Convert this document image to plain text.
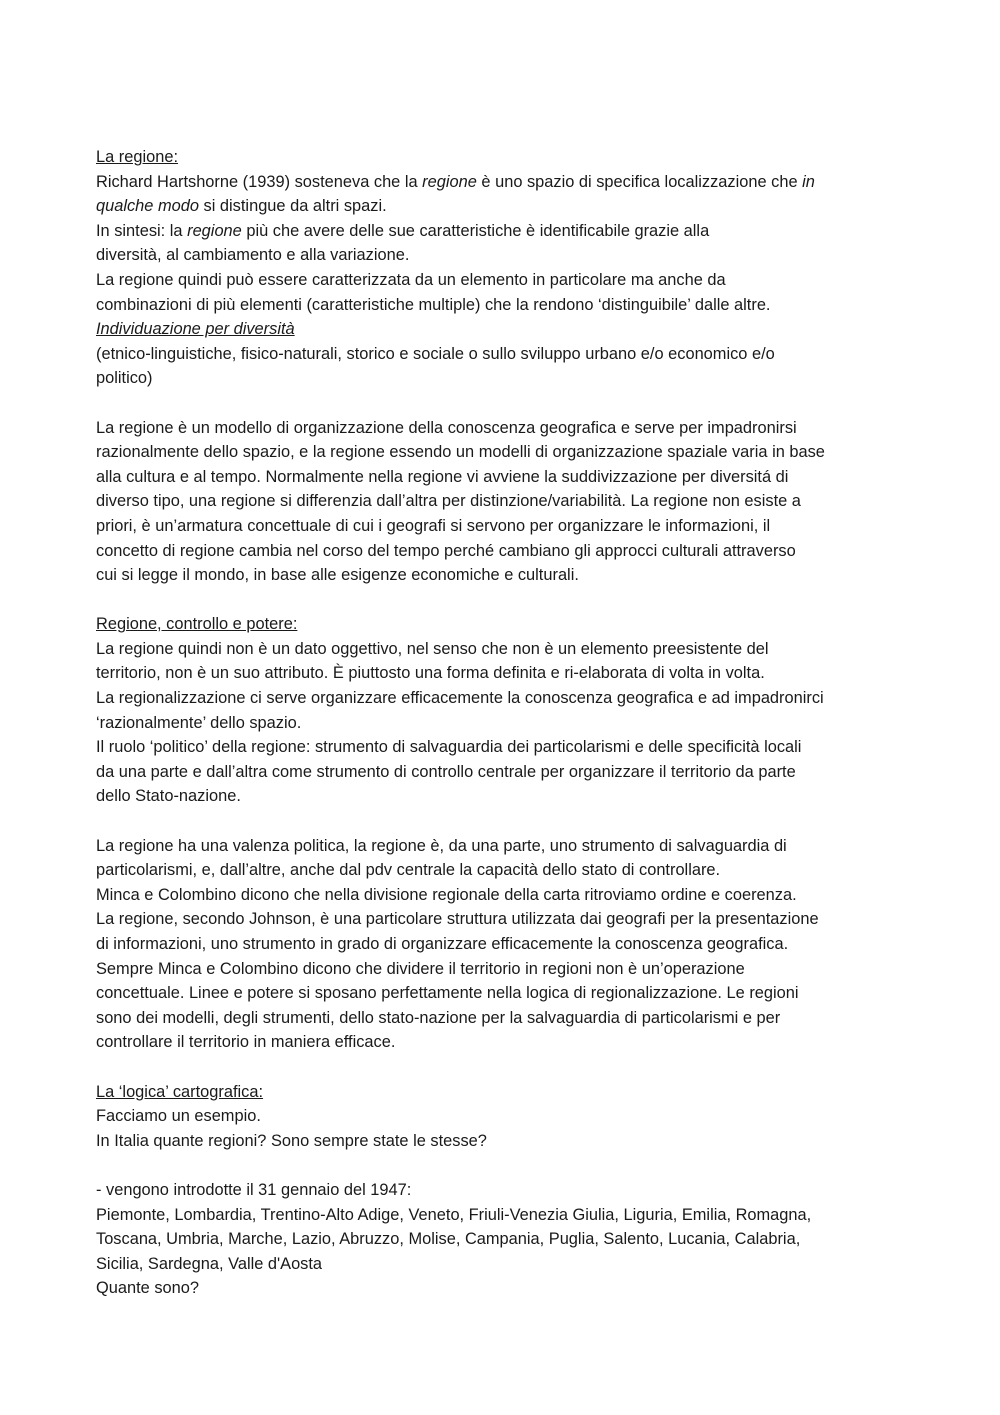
La regione:
Richard Hartshorne (1939) sosteneva che la regione è uno spazio di specifica localizzazione che in
qualche modo si distingue da altri spazi.
In sintesi: la regione più che avere delle sue caratteristiche è identificabile grazie alla
diversità, al cambiamento e alla variazione.
La regione quindi può essere caratterizzata da un elemento in particolare ma anche da
combinazioni di più elementi (caratteristiche multiple) che la rendono ‘distinguibile’ dalle altre.
Individuazione per diversità
(etnico-linguistiche, fisico-naturali, storico e sociale o sullo sviluppo urbano e/o economico e/o
politico)
La regione è un modello di organizzazione della conoscenza geografica e serve per impadronirsi
razionalmente dello spazio, e la regione essendo un modelli di organizzazione spaziale varia in base
alla cultura e al tempo. Normalmente nella regione vi avviene la suddivizzazione per diversitá di
diverso tipo, una regione si differenzia dall’altra per distinzione/variabilità. La regione non esiste a
priori, è un’armatura concettuale di cui i geografi si servono per organizzare le informazioni, il
concetto di regione cambia nel corso del tempo perché cambiano gli approcci culturali attraverso
cui si legge il mondo, in base alle esigenze economiche e culturali.
Regione, controllo e potere:
La regione quindi non è un dato oggettivo, nel senso che non è un elemento preesistente del
territorio, non è un suo attributo. È piuttosto una forma definita e ri-elaborata di volta in volta.
La regionalizzazione ci serve organizzare efficacemente la conoscenza geografica e ad impadronirci
‘razionalmente’ dello spazio.
Il ruolo ‘politico’ della regione: strumento di salvaguardia dei particolarismi e delle specificità locali
da una parte e dall’altra come strumento di controllo centrale per organizzare il territorio da parte
dello Stato-nazione.
La regione ha una valenza politica, la regione è, da una parte, uno strumento di salvaguardia di
particolarismi, e, dall’altre, anche dal pdv centrale la capacità dello stato di controllare.
Minca e Colombino dicono che nella divisione regionale della carta ritroviamo ordine e coerenza.
La regione, secondo Johnson, è una particolare struttura utilizzata dai geografi per la presentazione
di informazioni, uno strumento in grado di organizzare efficacemente la conoscenza geografica.
Sempre Minca e Colombino dicono che dividere il territorio in regioni non è un’operazione
concettuale. Linee e potere si sposano perfettamente nella logica di regionalizzazione. Le regioni
sono dei modelli, degli strumenti, dello stato-nazione per la salvaguardia di particolarismi e per
controllare il territorio in maniera efficace.
La ‘logica’ cartografica:
Facciamo un esempio.
In Italia quante regioni? Sono sempre state le stesse?
- vengono introdotte il 31 gennaio del 1947:
Piemonte, Lombardia, Trentino-Alto Adige, Veneto, Friuli-Venezia Giulia, Liguria, Emilia, Romagna,
Toscana, Umbria, Marche, Lazio, Abruzzo, Molise, Campania, Puglia, Salento, Lucania, Calabria,
Sicilia, Sardegna, Valle d'Aosta
Quante sono?
